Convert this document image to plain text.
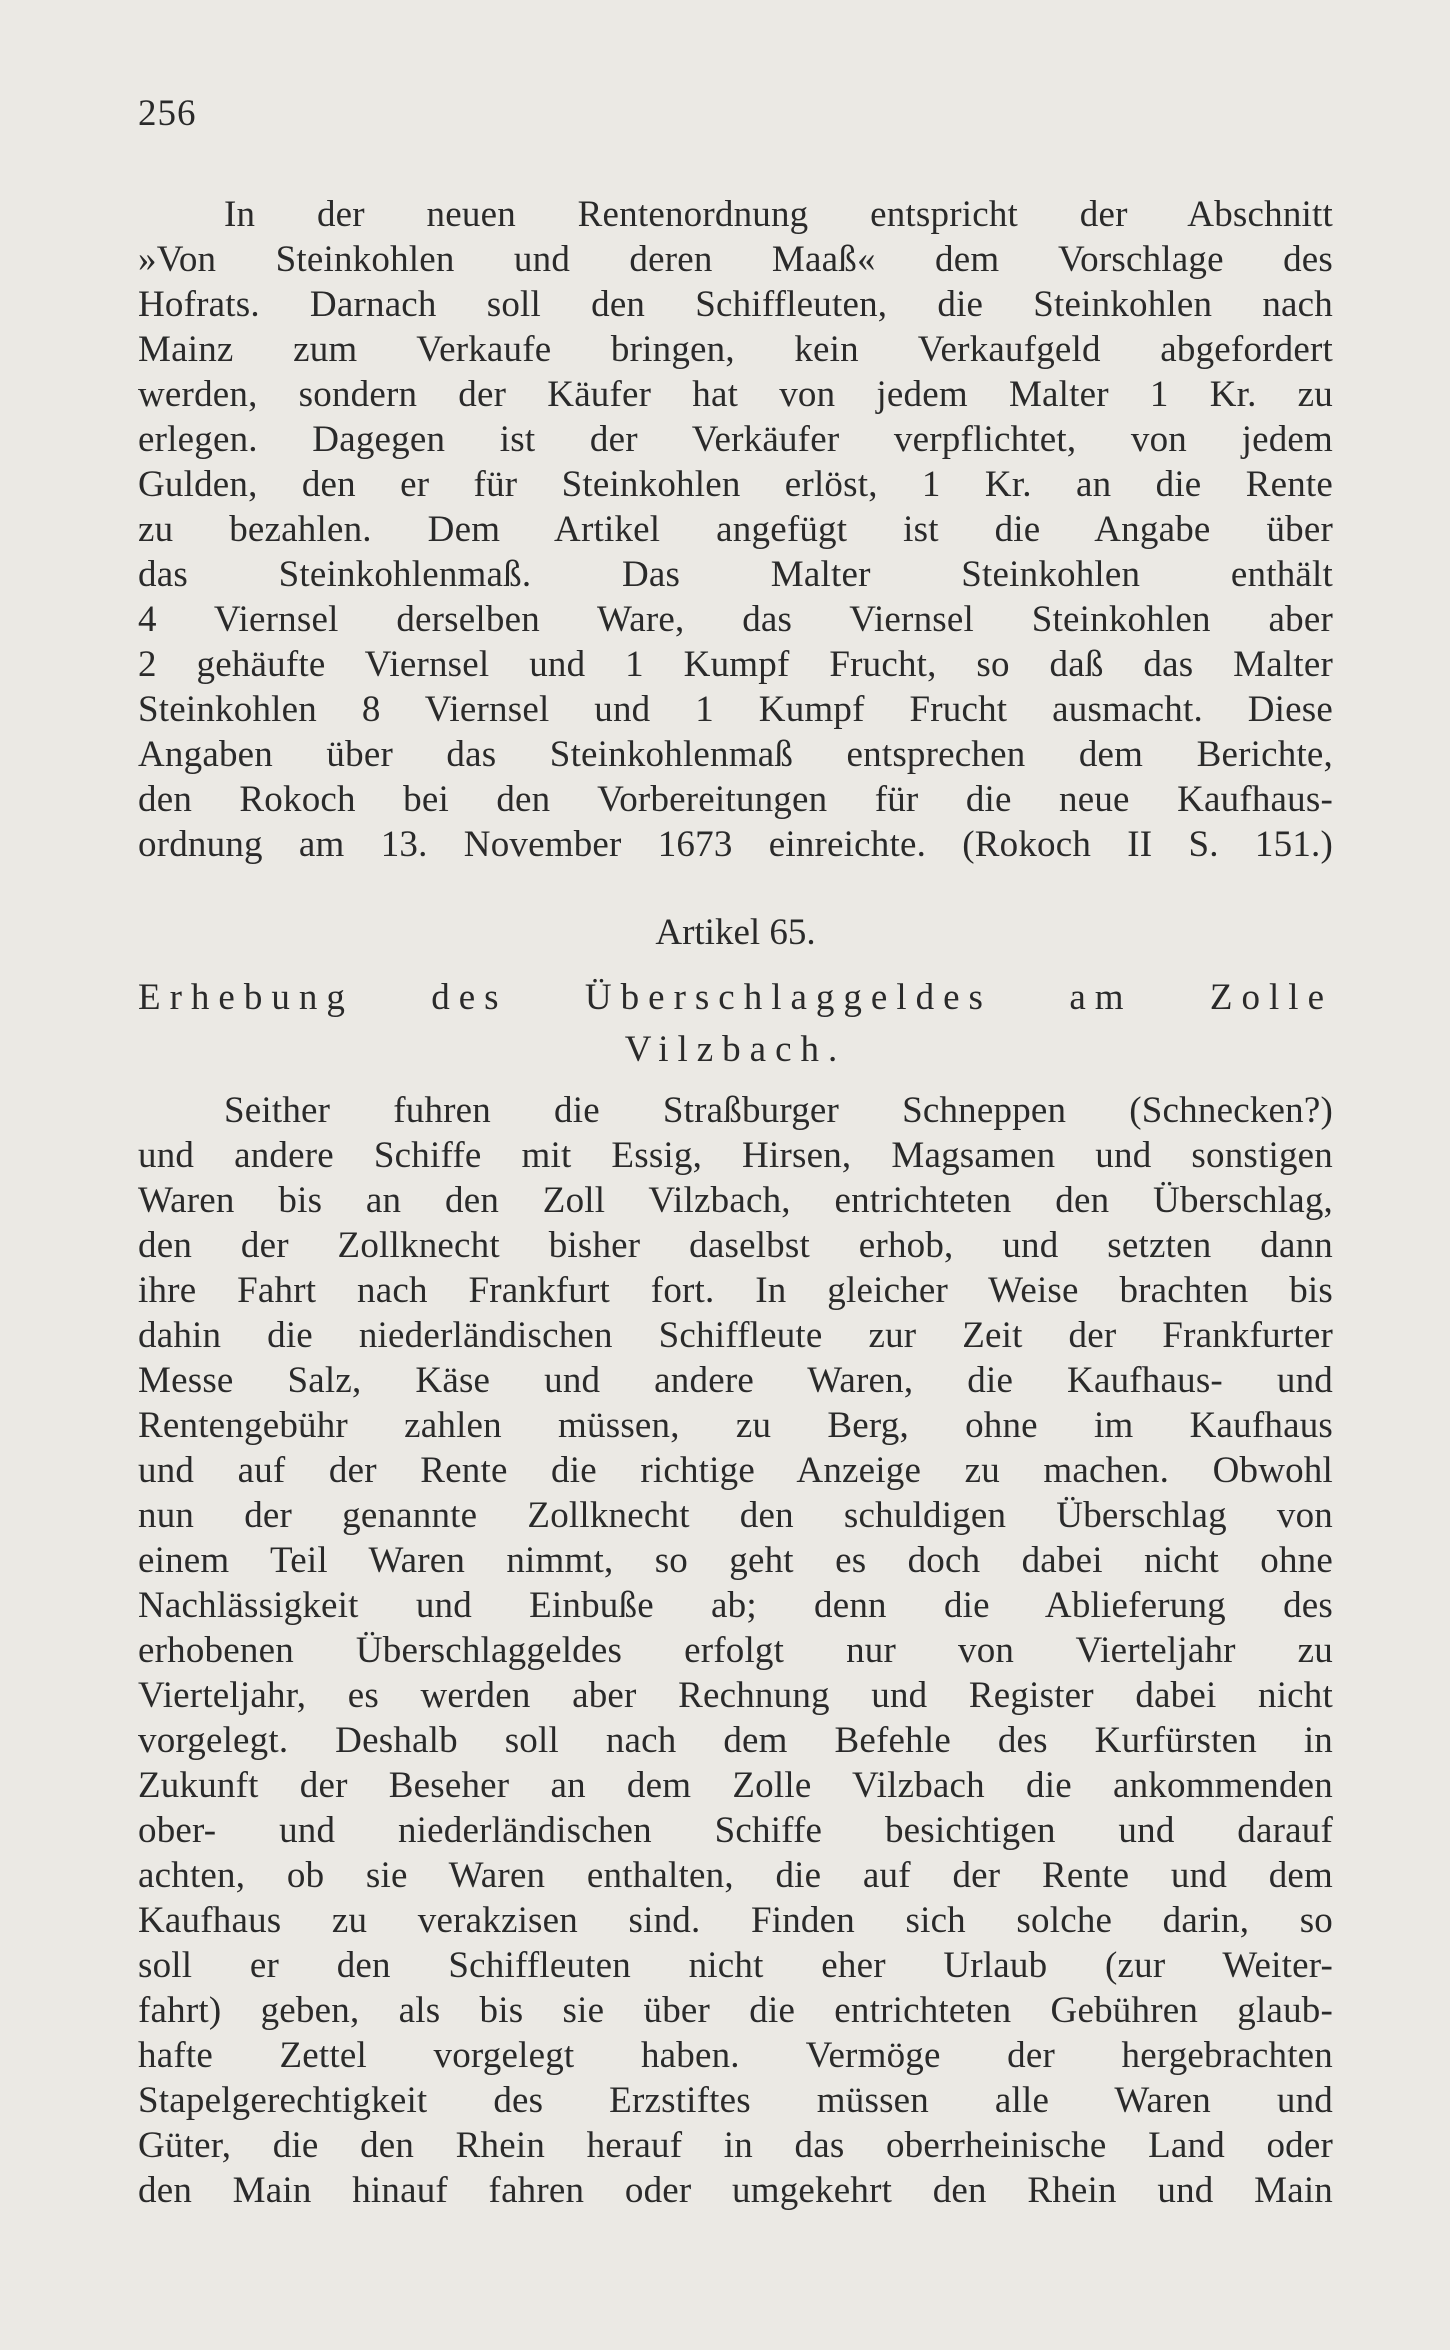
256
In der neuen Rentenordnung entspricht der Abschnitt
»Von Steinkohlen und deren Maaß« dem Vorschlage des
Hofrats. Darnach soll den Schiffleuten, die Steinkohlen nach
Mainz zum Verkaufe bringen, kein Verkaufgeld abgefordert
werden, sondern der Käufer hat von jedem Malter 1 Kr. zu
erlegen. Dagegen ist der Verkäufer verpflichtet, von jedem
Gulden, den er für Steinkohlen erlöst, 1 Kr. an die Rente
zu bezahlen. Dem Artikel angefügt ist die Angabe über
das Steinkohlenmaß. Das Malter Steinkohlen enthält
4 Viernsel derselben Ware, das Viernsel Steinkohlen aber
2 gehäufte Viernsel und 1 Kumpf Frucht, so daß das Malter
Steinkohlen 8 Viernsel und 1 Kumpf Frucht ausmacht. Diese
Angaben über das Steinkohlenmaß entsprechen dem Berichte,
den Rokoch bei den Vorbereitungen für die neue Kaufhaus-
ordnung am 13. November 1673 einreichte. (Rokoch II S. 151.)
Artikel 65.
Erhebung des Überschlaggeldes am Zolle
Vilzbach.
Seither fuhren die Straßburger Schneppen (Schnecken?)
und andere Schiffe mit Essig, Hirsen, Magsamen und sonstigen
Waren bis an den Zoll Vilzbach, entrichteten den Überschlag,
den der Zollknecht bisher daselbst erhob, und setzten dann
ihre Fahrt nach Frankfurt fort. In gleicher Weise brachten bis
dahin die niederländischen Schiffleute zur Zeit der Frankfurter
Messe Salz, Käse und andere Waren, die Kaufhaus- und
Rentengebühr zahlen müssen, zu Berg, ohne im Kaufhaus
und auf der Rente die richtige Anzeige zu machen. Obwohl
nun der genannte Zollknecht den schuldigen Überschlag von
einem Teil Waren nimmt, so geht es doch dabei nicht ohne
Nachlässigkeit und Einbuße ab; denn die Ablieferung des
erhobenen Überschlaggeldes erfolgt nur von Vierteljahr zu
Vierteljahr, es werden aber Rechnung und Register dabei nicht
vorgelegt. Deshalb soll nach dem Befehle des Kurfürsten in
Zukunft der Beseher an dem Zolle Vilzbach die ankommenden
ober- und niederländischen Schiffe besichtigen und darauf
achten, ob sie Waren enthalten, die auf der Rente und dem
Kaufhaus zu verakzisen sind. Finden sich solche darin, so
soll er den Schiffleuten nicht eher Urlaub (zur Weiter-
fahrt) geben, als bis sie über die entrichteten Gebühren glaub-
hafte Zettel vorgelegt haben. Vermöge der hergebrachten
Stapelgerechtigkeit des Erzstiftes müssen alle Waren und
Güter, die den Rhein herauf in das oberrheinische Land oder
den Main hinauf fahren oder umgekehrt den Rhein und Main
